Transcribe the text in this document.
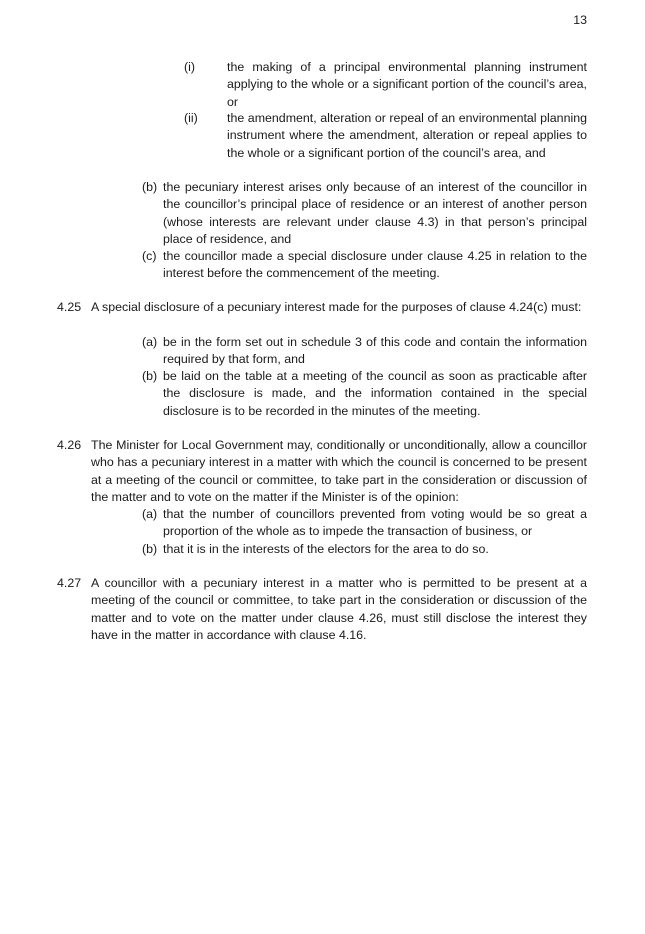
13
(i)	the making of a principal environmental planning instrument applying to the whole or a significant portion of the council’s area, or
(ii) the amendment, alteration or repeal of an environmental planning instrument where the amendment, alteration or repeal applies to the whole or a significant portion of the council’s area, and
(b) the pecuniary interest arises only because of an interest of the councillor in the councillor’s principal place of residence or an interest of another person (whose interests are relevant under clause 4.3) in that person’s principal place of residence, and
(c) the councillor made a special disclosure under clause 4.25 in relation to the interest before the commencement of the meeting.
4.25 A special disclosure of a pecuniary interest made for the purposes of clause 4.24(c) must:
(a) be in the form set out in schedule 3 of this code and contain the information required by that form, and
(b) be laid on the table at a meeting of the council as soon as practicable after the disclosure is made, and the information contained in the special disclosure is to be recorded in the minutes of the meeting.
4.26 The Minister for Local Government may, conditionally or unconditionally, allow a councillor who has a pecuniary interest in a matter with which the council is concerned to be present at a meeting of the council or committee, to take part in the consideration or discussion of the matter and to vote on the matter if the Minister is of the opinion:
(a) that the number of councillors prevented from voting would be so great a proportion of the whole as to impede the transaction of business, or
(b) that it is in the interests of the electors for the area to do so.
4.27 A councillor with a pecuniary interest in a matter who is permitted to be present at a meeting of the council or committee, to take part in the consideration or discussion of the matter and to vote on the matter under clause 4.26, must still disclose the interest they have in the matter in accordance with clause 4.16.
